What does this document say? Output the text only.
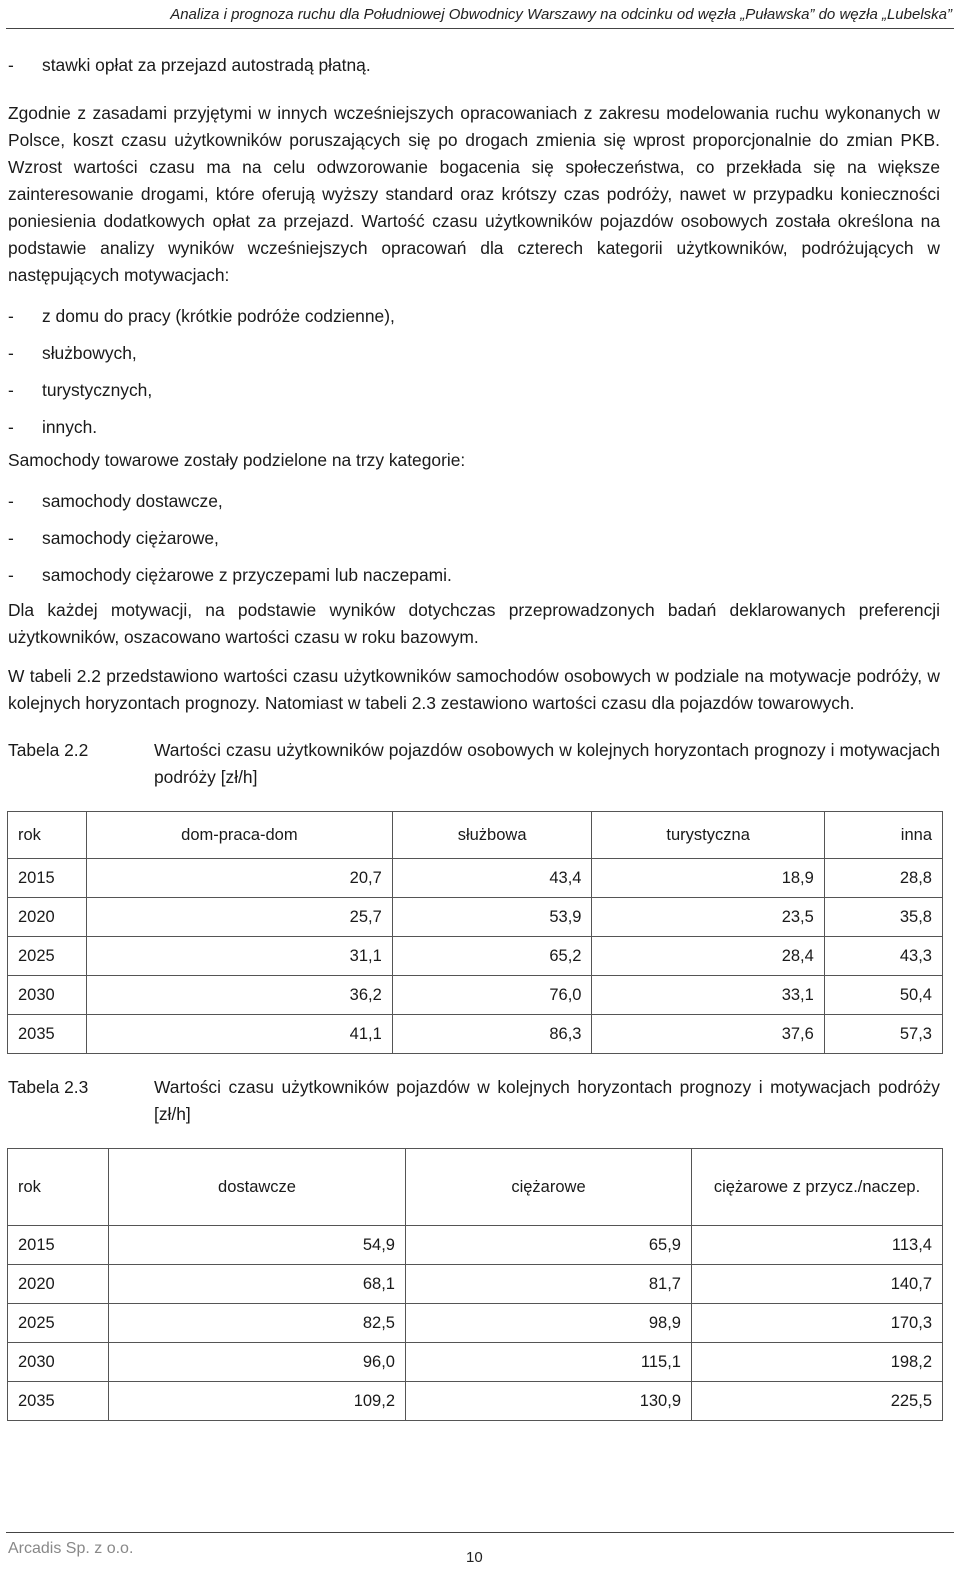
Analiza i prognoza ruchu dla Południowej Obwodnicy Warszawy na odcinku od węzła „Puławska” do węzła „Lubelska”
-	stawki opłat za przejazd autostradą płatną.

Zgodnie z zasadami przyjętymi w innych wcześniejszych opracowaniach z zakresu modelowania ruchu wykonanych w Polsce, koszt czasu użytkowników poruszających się po drogach zmienia się wprost proporcjonalnie do zmian PKB. Wzrost wartości czasu ma na celu odwzorowanie bogacenia się społeczeństwa, co przekłada się na większe zainteresowanie drogami, które oferują wyższy standard oraz krótszy czas podróży, nawet w przypadku konieczności poniesienia dodatkowych opłat za przejazd. Wartość czasu użytkowników pojazdów osobowych została określona na podstawie analizy wyników wcześniejszych opracowań dla czterech kategorii użytkowników, podróżujących w następujących motywacjach:

-	z domu do pracy (krótkie podróże codzienne),
-	służbowych,
-	turystycznych,
-	innych.

Samochody towarowe zostały podzielone na trzy kategorie:

-	samochody dostawcze,
-	samochody ciężarowe,
-	samochody ciężarowe z przyczepami lub naczepami.

Dla każdej motywacji, na podstawie wyników dotychczas przeprowadzonych badań deklarowanych preferencji użytkowników, oszacowano wartości czasu w roku bazowym.

W tabeli 2.2 przedstawiono wartości czasu użytkowników samochodów osobowych w podziale na motywacje podróży, w kolejnych horyzontach prognozy. Natomiast w tabeli 2.3 zestawiono wartości czasu dla pojazdów towarowych.

Tabela 2.2	Wartości czasu użytkowników pojazdów osobowych w kolejnych horyzontach prognozy i motywacjach podróży [zł/h]
rok	dom-praca-dom	służbowa	turystyczna	inna
2015	20,7	43,4	18,9	28,8
2020	25,7	53,9	23,5	35,8
2025	31,1	65,2	28,4	43,3
2030	36,2	76,0	33,1	50,4
2035	41,1	86,3	37,6	57,3
Tabela 2.3	Wartości czasu użytkowników pojazdów w kolejnych horyzontach prognozy i motywacjach podróży [zł/h]
rok	dostawcze	ciężarowe	ciężarowe z przycz./naczep.
2015	54,9	65,9	113,4
2020	68,1	81,7	140,7
2025	82,5	98,9	170,3
2030	96,0	115,1	198,2
2035	109,2	130,9	225,5
Arcadis Sp. z o.o.
10
